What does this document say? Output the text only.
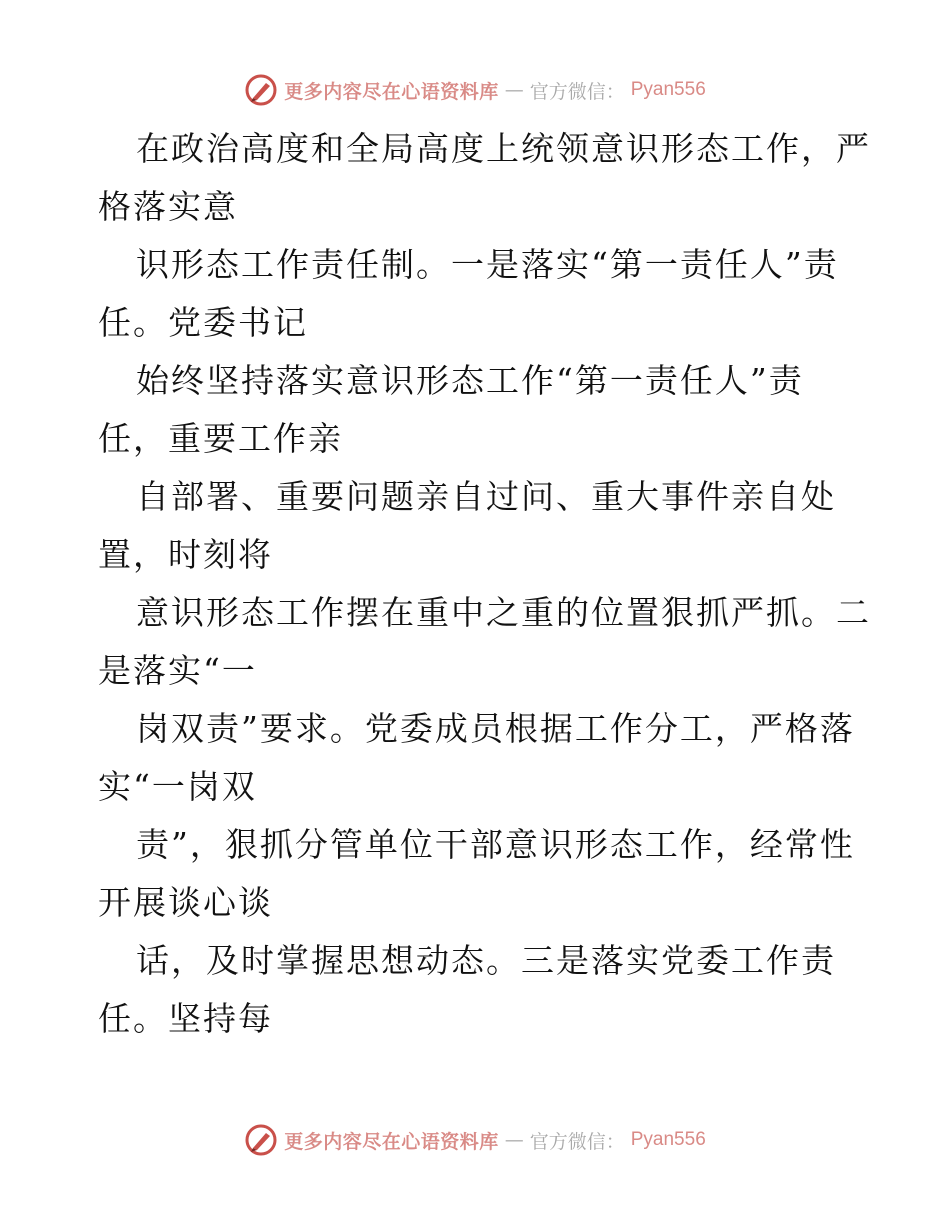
更多内容尽在心语资料库 — 官方微信： Pyan556
在政治高度和全局高度上统领意识形态工作，严
格落实意
识形态工作责任制。一是落实“第一责任人”责
任。党委书记
始终坚持落实意识形态工作“第一责任人”责
任，重要工作亲
自部署、重要问题亲自过问、重大事件亲自处
置，时刻将
意识形态工作摆在重中之重的位置狠抓严抓。二
是落实“一
岗双责”要求。党委成员根据工作分工，严格落
实“一岗双
责”，狠抓分管单位干部意识形态工作，经常性
开展谈心谈
话，及时掌握思想动态。三是落实党委工作责
任。坚持每
更多内容尽在心语资料库 — 官方微信： Pyan556
